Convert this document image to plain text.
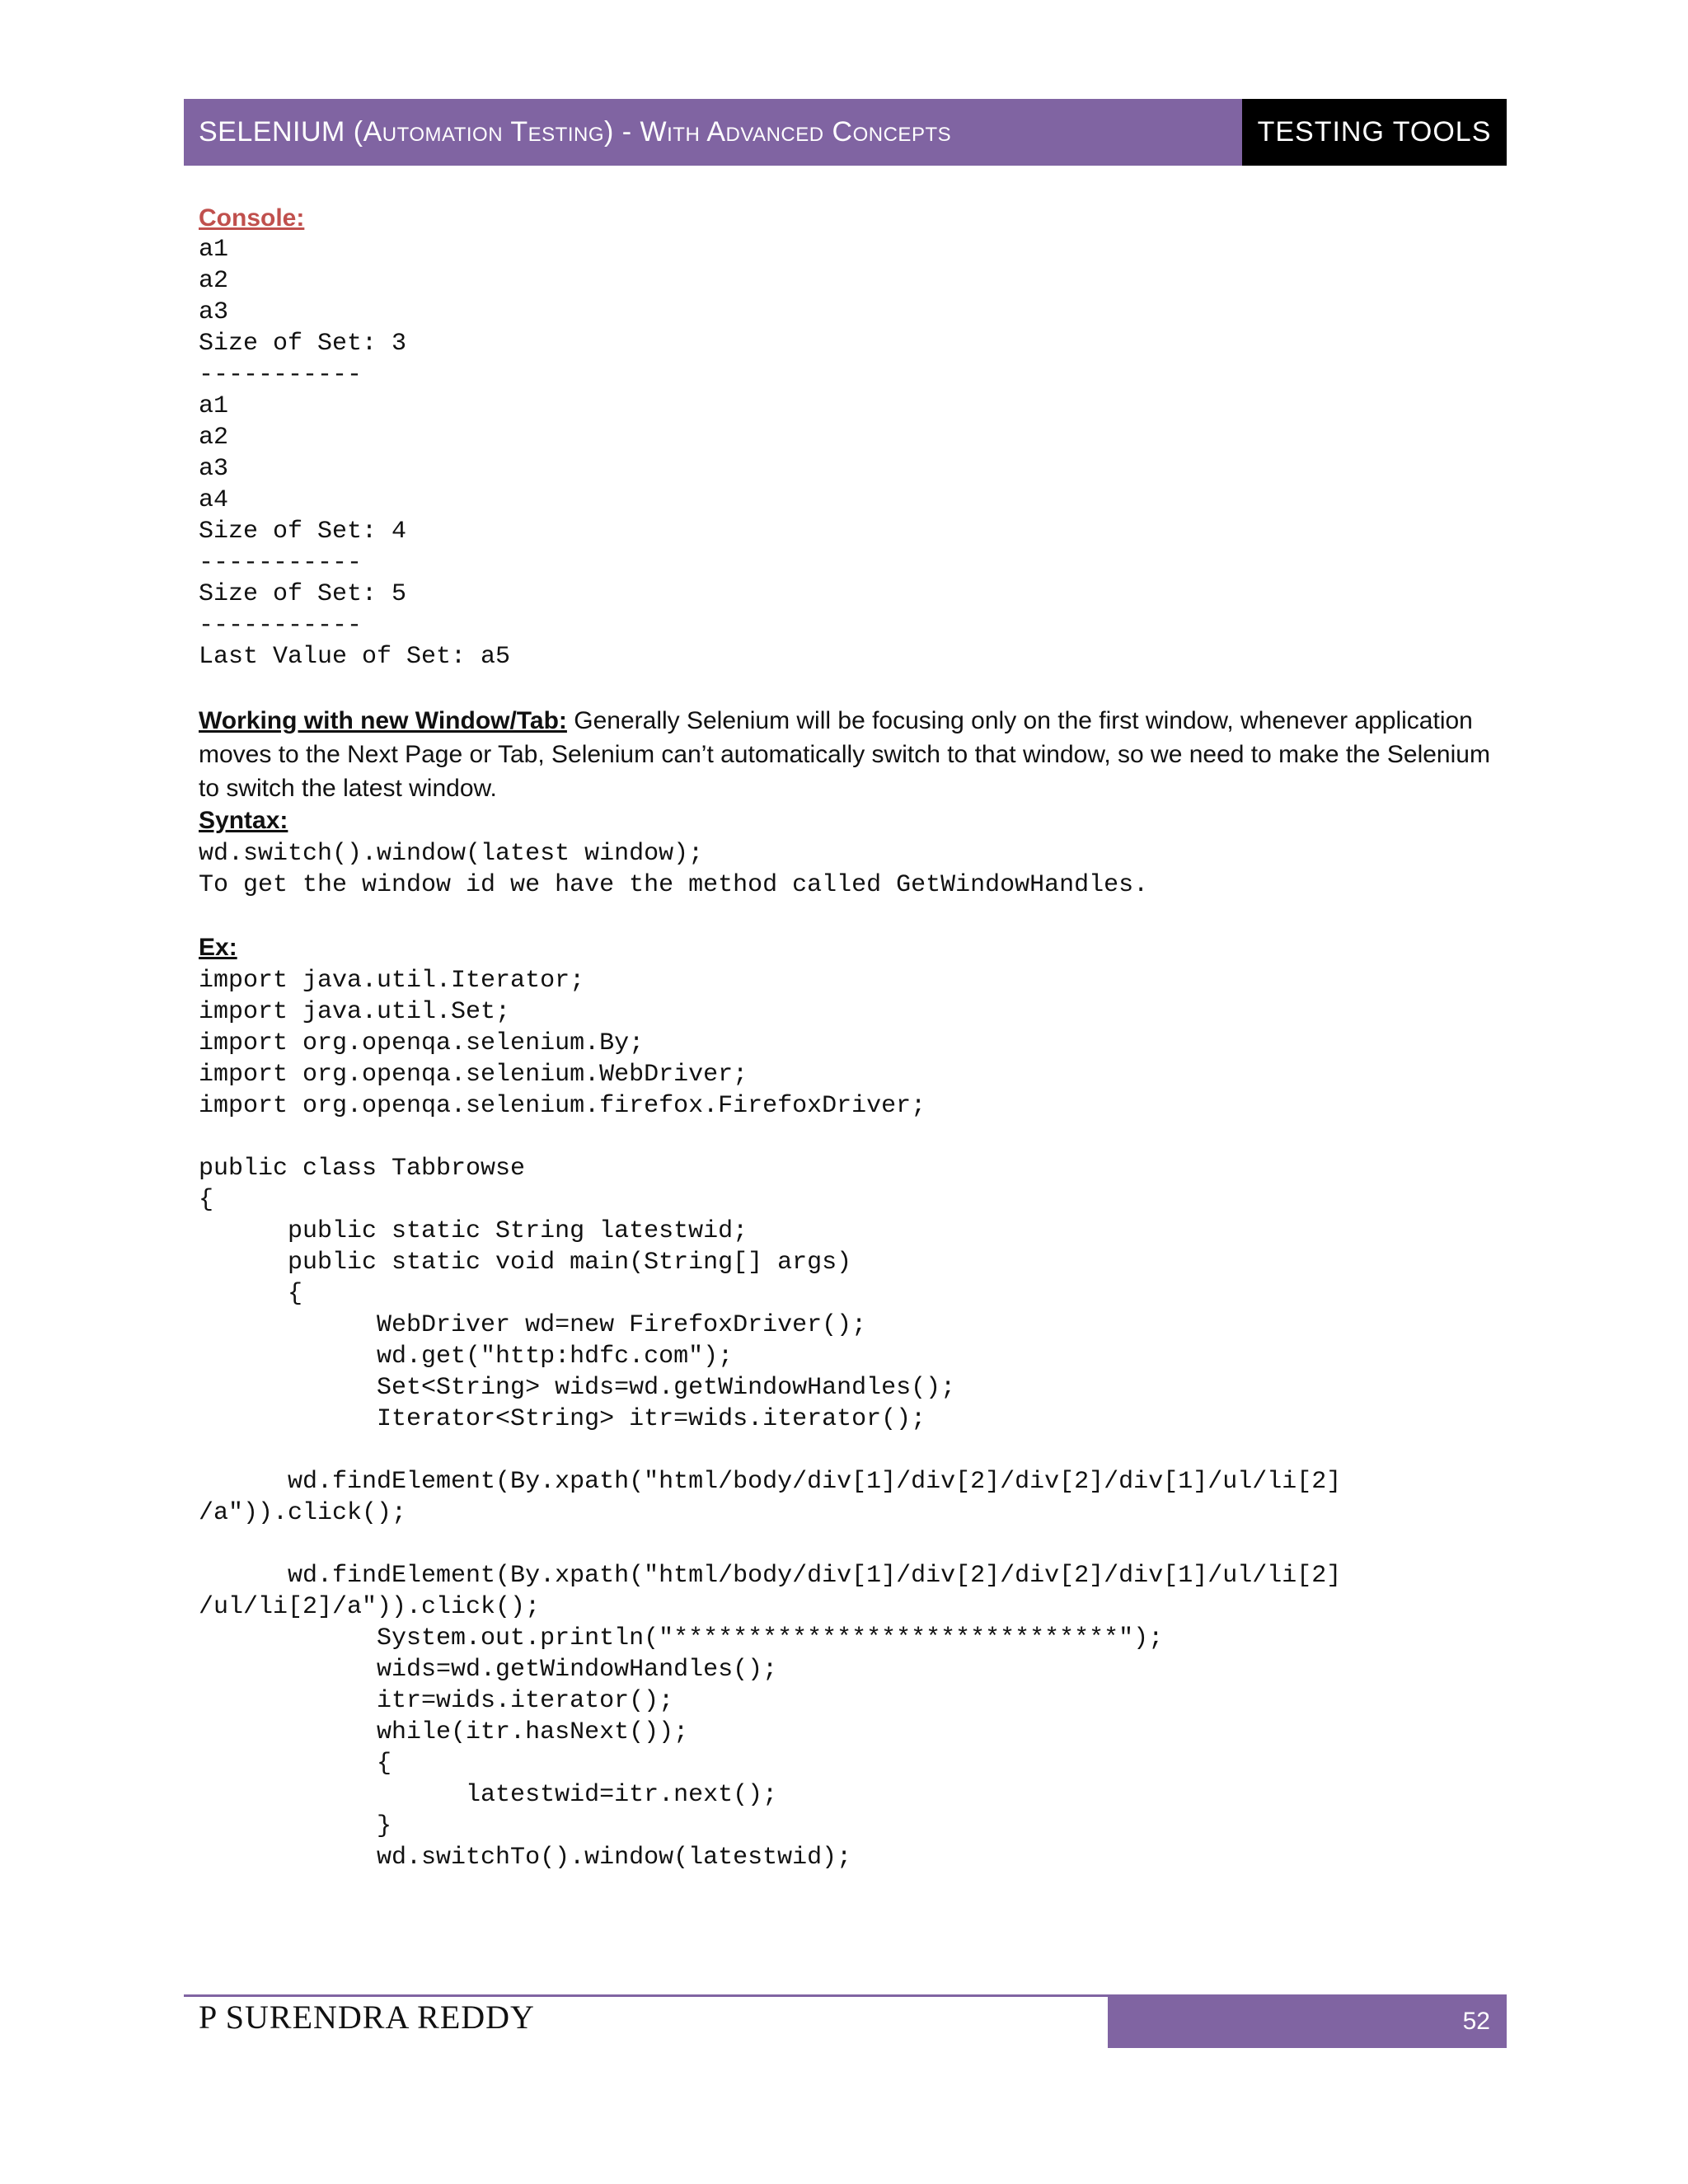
SELENIUM (Automation Testing) - With Advanced Concepts	TESTING TOOLS
Console:
a1
a2
a3
Size of Set: 3
-----------
a1
a2
a3
a4
Size of Set: 4
-----------
Size of Set: 5
-----------
Last Value of Set: a5
Working with new Window/Tab: Generally Selenium will be focusing only on the first window, whenever application moves to the Next Page or Tab, Selenium can’t automatically switch to that window, so we need to make the Selenium to switch the latest window.
Syntax:
wd.switch().window(latest window);
To get the window id we have the method called GetWindowHandles.
Ex:
import java.util.Iterator;
import java.util.Set;
import org.openqa.selenium.By;
import org.openqa.selenium.WebDriver;
import org.openqa.selenium.firefox.FirefoxDriver;
public class Tabbrowse
{
public static String latestwid;
public static void main(String[] args)
{
WebDriver wd=new FirefoxDriver();
wd.get("http:hdfc.com");
Set<String> wids=wd.getWindowHandles();
Iterator<String> itr=wids.iterator();
wd.findElement(By.xpath("html/body/div[1]/div[2]/div[2]/div[1]/ul/li[2]
/a")).click();
wd.findElement(By.xpath("html/body/div[1]/div[2]/div[2]/div[1]/ul/li[2]
/ul/li[2]/a")).click();
System.out.println("******************************");
wids=wd.getWindowHandles();
itr=wids.iterator();
while(itr.hasNext());
{
latestwid=itr.next();
}
wd.switchTo().window(latestwid);
P SURENDRA REDDY	52
